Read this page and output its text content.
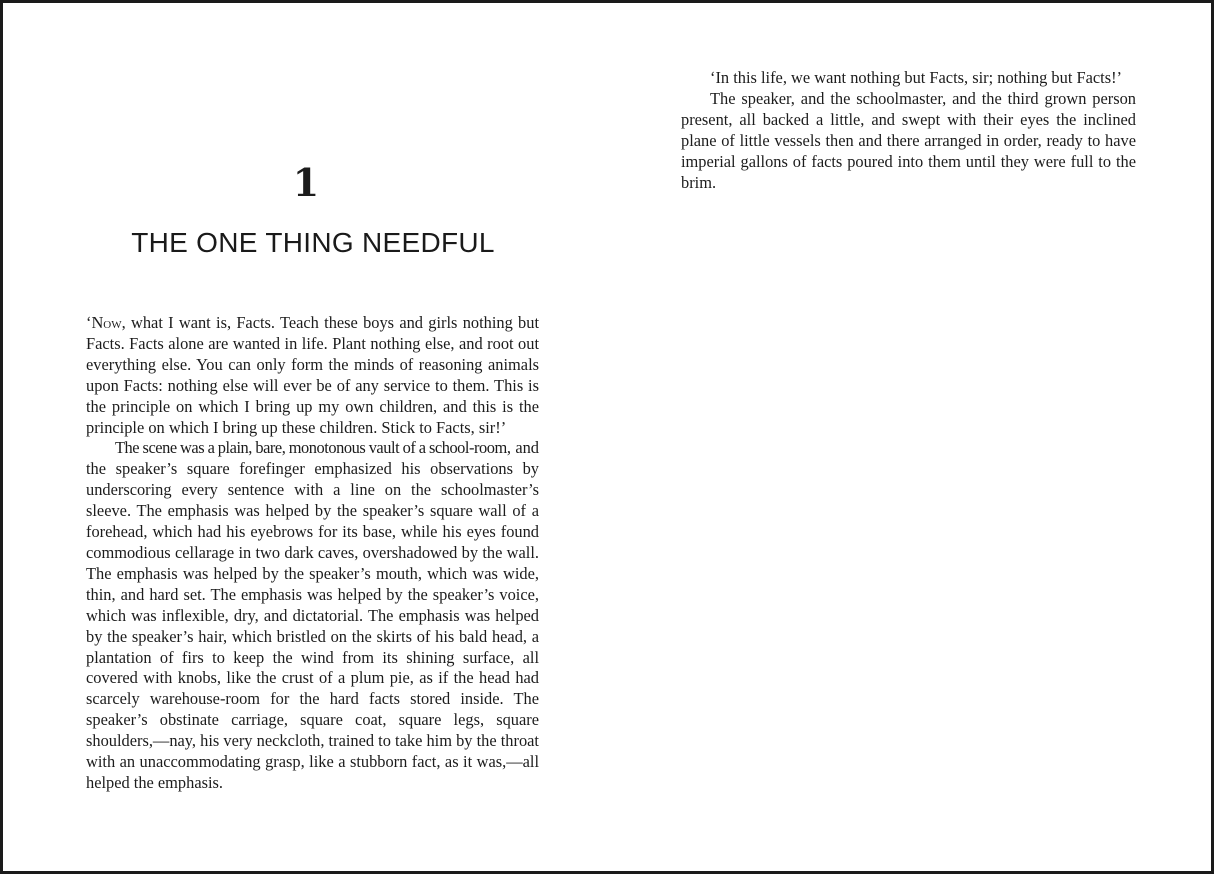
1
THE ONE THING NEEDFUL

‘Now, what I want is, Facts. Teach these boys and girls nothing but Facts. Facts alone are wanted in life. Plant nothing else, and root out everything else. You can only form the minds of reasoning animals upon Facts: nothing else will ever be of any service to them. This is the principle on which I bring up my own children, and this is the principle on which I bring up these children. Stick to Facts, sir!’

The scene was a plain, bare, monotonous vault of a school-room, and the speaker’s square forefinger emphasized his observations by underscoring every sentence with a line on the schoolmaster’s sleeve. The emphasis was helped by the speaker’s square wall of a forehead, which had his eyebrows for its base, while his eyes found commodious cellarage in two dark caves, overshadowed by the wall. The emphasis was helped by the speaker’s mouth, which was wide, thin, and hard set. The emphasis was helped by the speaker’s voice, which was inflexible, dry, and dictatorial. The emphasis was helped by the speaker’s hair, which bristled on the skirts of his bald head, a plantation of firs to keep the wind from its shining surface, all covered with knobs, like the crust of a plum pie, as if the head had scarcely warehouse-room for the hard facts stored inside. The speaker’s obstinate carriage, square coat, square legs, square shoulders,—nay, his very neckcloth, trained to take him by the throat with an unaccommodating grasp, like a stubborn fact, as it was,—all helped the emphasis.

‘In this life, we want nothing but Facts, sir; nothing but Facts!’

The speaker, and the schoolmaster, and the third grown person present, all backed a little, and swept with their eyes the inclined plane of little vessels then and there arranged in order, ready to have imperial gallons of facts poured into them until they were full to the brim.
